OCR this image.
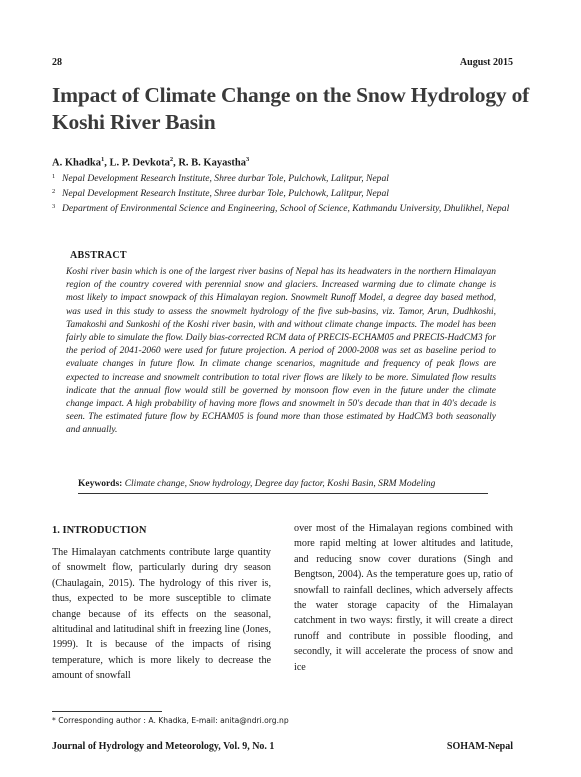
28	August 2015
Impact of Climate Change on the Snow Hydrology of Koshi River Basin
A. Khadka$^1$, L. P. Devkota$^2$, R. B. Kayastha$^3$
1 Nepal Development Research Institute, Shree durbar Tole, Pulchowk, Lalitpur, Nepal
2 Nepal Development Research Institute, Shree durbar Tole, Pulchowk, Lalitpur, Nepal
3 Department of Environmental Science and Engineering, School of Science, Kathmandu University, Dhulikhel, Nepal
ABSTRACT
Koshi river basin which is one of the largest river basins of Nepal has its headwaters in the northern Himalayan region of the country covered with perennial snow and glaciers. Increased warming due to climate change is most likely to impact snowpack of this Himalayan region. Snowmelt Runoff Model, a degree day based method, was used in this study to assess the snowmelt hydrology of the five sub-basins, viz. Tamor, Arun, Dudhkoshi, Tamakoshi and Sunkoshi of the Koshi river basin, with and without climate change impacts. The model has been fairly able to simulate the flow. Daily bias-corrected RCM data of PRECIS-ECHAM05 and PRECIS-HadCM3 for the period of 2041-2060 were used for future projection. A period of 2000-2008 was set as baseline period to evaluate changes in future flow. In climate change scenarios, magnitude and frequency of peak flows are expected to increase and snowmelt contribution to total river flows are likely to be more. Simulated flow results indicate that the annual flow would still be governed by monsoon flow even in the future under the climate change impact. A high probability of having more flows and snowmelt in 50's decade than that in 40's decade is seen. The estimated future flow by ECHAM05 is found more than those estimated by HadCM3 both seasonally and annually.
Keywords: Climate change, Snow hydrology, Degree day factor, Koshi Basin, SRM Modeling
1. INTRODUCTION
The Himalayan catchments contribute large quantity of snowmelt flow, particularly during dry season (Chaulagain, 2015). The hydrology of this river is, thus, expected to be more susceptible to climate change because of its effects on the seasonal, altitudinal and latitudinal shift in freezing line (Jones, 1999). It is because of the impacts of rising temperature, which is more likely to decrease the amount of snowfall
over most of the Himalayan regions combined with more rapid melting at lower altitudes and latitude, and reducing snow cover durations (Singh and Bengtson, 2004). As the temperature goes up, ratio of snowfall to rainfall declines, which adversely affects the water storage capacity of the Himalayan catchment in two ways: firstly, it will create a direct runoff and contribute in possible flooding, and secondly, it will accelerate the process of snow and ice
* Corresponding author : A. Khadka, E-mail: anita@ndri.org.np
Journal of Hydrology and Meteorology, Vol. 9, No. 1	SOHAM-Nepal
